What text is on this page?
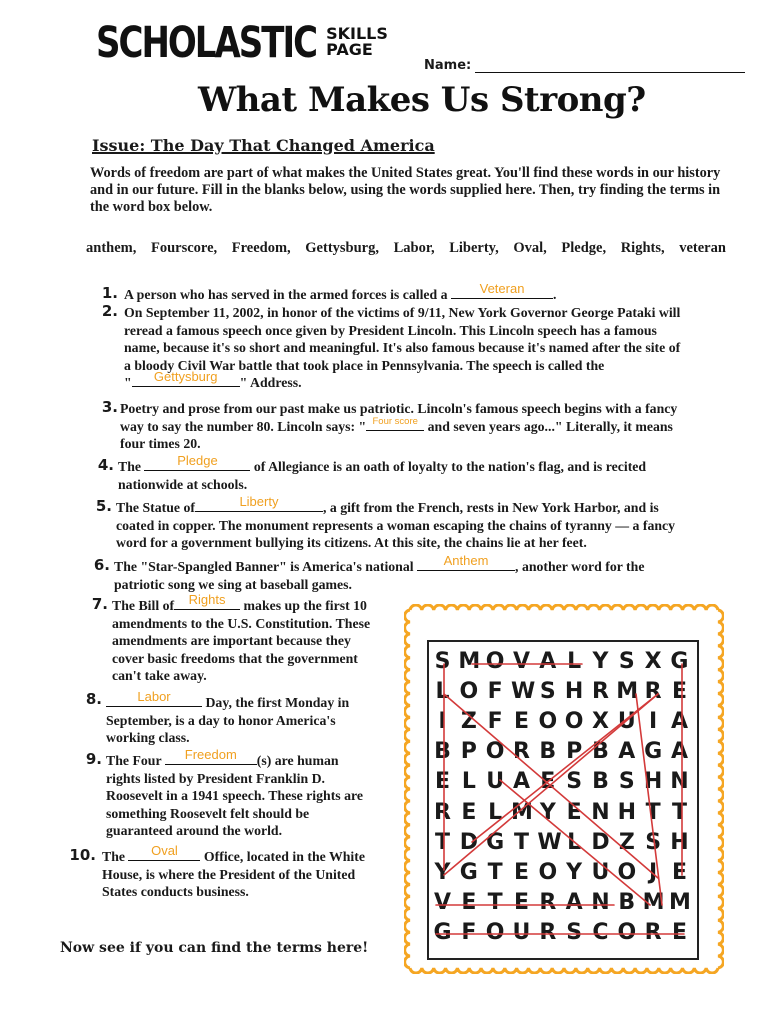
SCHOLASTIC SKILLS
PAGE
Name:
What Makes Us Strong?
Issue: The Day That Changed America
Words of freedom are part of what makes the United States great. You'll find these words in our history and in our future. Fill in the blanks below, using the words supplied here. Then, try finding the terms in the word box below.
anthem, Fourscore, Freedom, Gettysburg, Labor, Liberty, Oval, Pledge, Rights, veteran
1. A person who has served in the armed forces is called a	Veteran	.
2. On September 11, 2002, in honor of the victims of 9/11, New York Governor George Pataki will
reread a famous speech once given by President Lincoln. This Lincoln speech has a famous
name, because it's so short and meaningful. It's also famous because it's named after the site of
a bloody Civil War battle that took place in Pennsylvania. The speech is called the
"	Gettysburg	" Address.
3. Poetry and prose from our past make us patriotic. Lincoln's famous speech begins with a fancy
way to say the number 80. Lincoln says: " Four score and seven years ago..." Literally, it means
four times 20.
4. The	Pledge	of Allegiance is an oath of loyalty to the nation's flag, and is recited
nationwide at schools.
5. The Statue of	Liberty	, a gift from the French, rests in New York Harbor, and is
coated in copper. The monument represents a woman escaping the chains of tyranny — a fancy
word for a government bullying its citizens. At this site, the chains lie at her feet.
6. The "Star-Spangled Banner" is America's national	Anthem	, another word for the
patriotic song we sing at baseball games.
7. The Bill of	Rights	makes up the first 10
amendments to the U.S. Constitution. These
amendments are important because they
cover basic freedoms that the government
can't take away.
8.	Labor	Day, the first Monday in
September, is a day to honor America's
working class.
9. The Four	Freedom	(s) are human
rights listed by President Franklin D.
Roosevelt in a 1941 speech. These rights are
something Roosevelt felt should be
guaranteed around the world.
10. The	Oval	Office, located in the White
House, is where the President of the United
States conducts business.
Now see if you can find the terms here!
S M O V A L Y S X G
L O F W S H R M R E
I Z F E O O X U I A
B P O R B P B A G A
E L U A E S B S H N
R E L M Y E N H T T
T D G T W L D Z S H
Y G T E O Y U O J E
V E T E R A N B M M
G F O U R S C O R E
